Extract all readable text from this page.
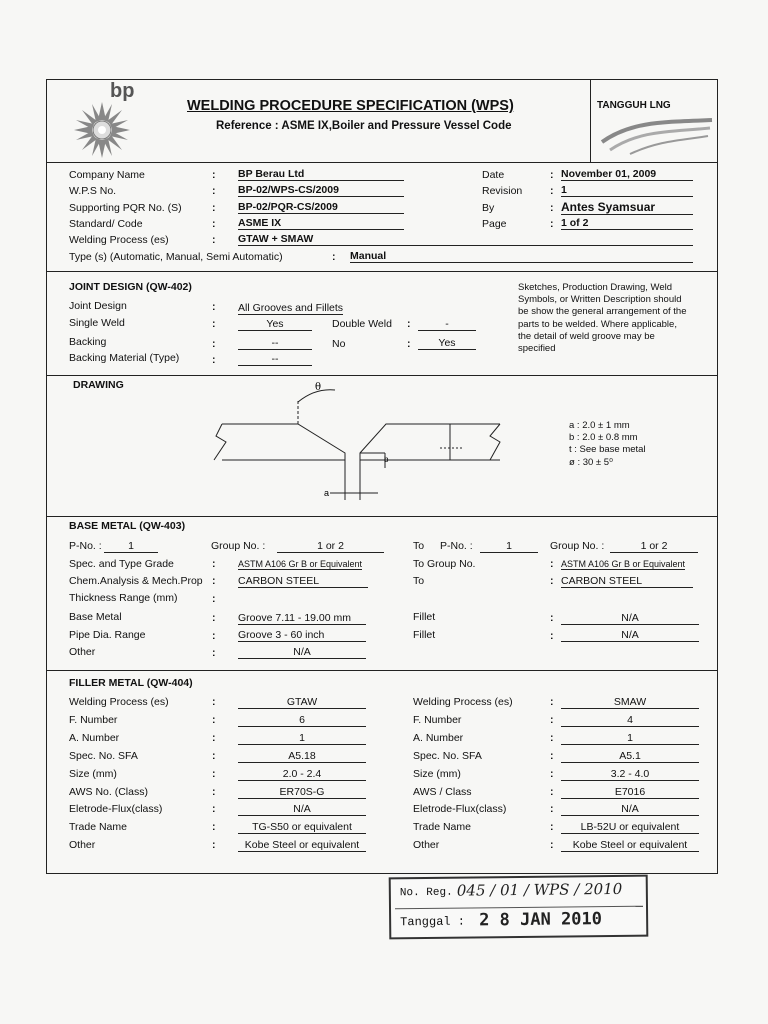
bp
WELDING PROCEDURE SPECIFICATION (WPS)
Reference : ASME IX,Boiler and Pressure Vessel Code
TANGGUH LNG
Company Name	: BP Berau Ltd
W.P.S No.	: BP-02/WPS-CS/2009
Supporting PQR No. (S)	: BP-02/PQR-CS/2009
Standard/ Code	: ASME IX
Welding Process (es)	: GTAW + SMAW
Type (s) (Automatic, Manual, Semi Automatic)	: Manual
Date	: November 01, 2009
Revision	: 1
By	: Antes Syamsuar
Page	: 1 of 2
JOINT DESIGN (QW-402)
Joint Design	: All Grooves and Fillets
Single Weld	:	Yes	Double Weld :	-
Backing	:	--	No	:	Yes
Backing Material (Type)	:	--
Sketches, Production Drawing, Weld
Symbols, or Written Description should
be show the general arrangement of the
parts to be welded. Where applicable,
the detail of weld groove may be
specified
DRAWING	θ
b
a
a : 2.0 ± 1 mm
b : 2.0 ± 0.8 mm
t : See base metal
ø : 30 ± 5⁰
BASE METAL (QW-403)
P-No. :	1	Group No. :	1 or 2	To P-No. :	1	Group No. :	1 or 2
Spec. and Type Grade	:	ASTM A106 Gr B or Equivalent	To Group No.	: ASTM A106 Gr B or Equivalent
Chem.Analysis & Mech.Prop : CARBON STEEL	To	: CARBON STEEL
Thickness Range (mm)	:
Base Metal	: Groove 7.11 - 19.00 mm	Fillet	:	N/A
Pipe Dia. Range	: Groove 3 - 60 inch	Fillet	:	N/A
Other	:	N/A
FILLER METAL (QW-404)
Welding Process (es)	:	GTAW	Welding Process (es)	:	SMAW
F. Number	:	6	F. Number	:	4
A. Number	:	1	A. Number	:	1
Spec. No. SFA	:	A5.18	Spec. No. SFA	:	A5.1
Size (mm)	:	2.0 - 2.4	Size (mm)	:	3.2 - 4.0
AWS No. (Class)	:	ER70S-G	AWS / Class	:	E7016
Eletrode-Flux(class)	:	N/A	Eletrode-Flux(class)	:	N/A
Trade Name	:	TG-S50 or equivalent	Trade Name	:	LB-52U or equivalent
Other	:	Kobe Steel or equivalent	Other	:	Kobe Steel or equivalent
No. Reg. 045 / 01 / WPS / 2010
Tanggal : 2 8 JAN 2010
